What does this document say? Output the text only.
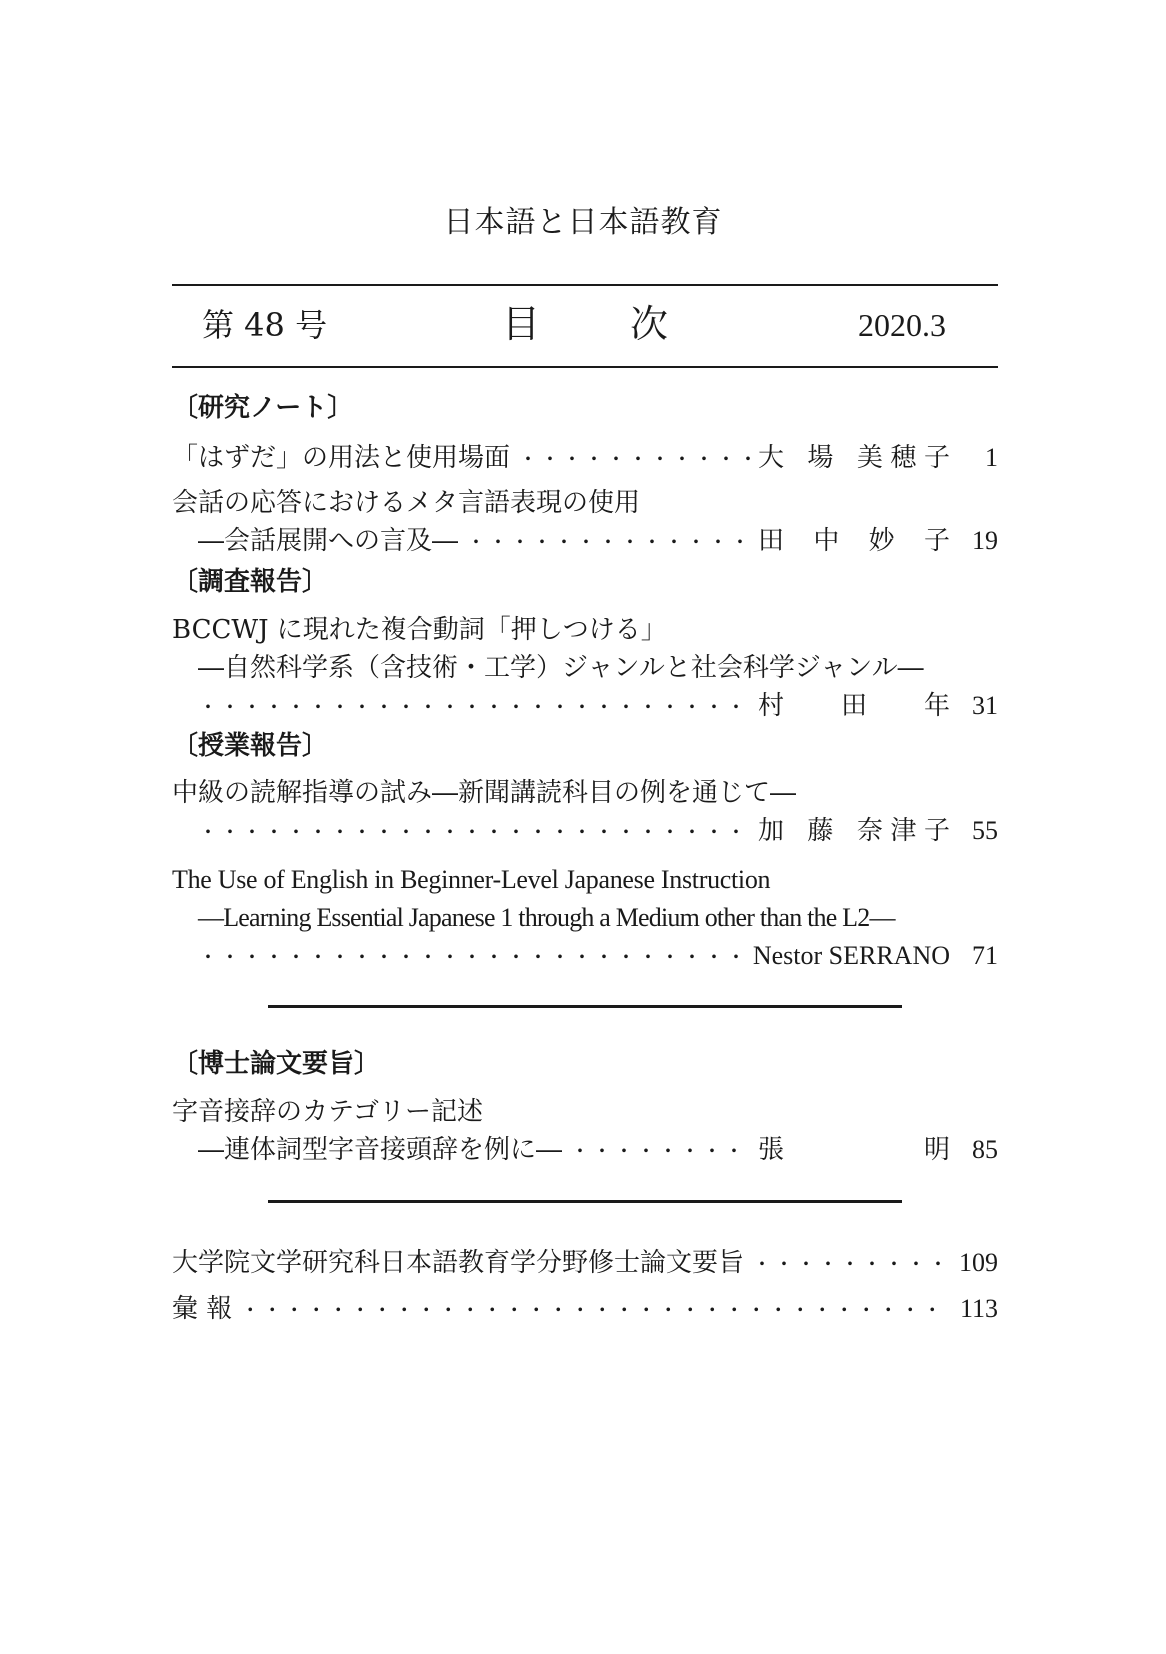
日本語と日本語教育
第 48 号	目 次	2020.3
〔研究ノート〕
「はずだ」の用法と使用場面 ・・・・・・・・・・・・・・・・・・・・・・・・・・・・・・・・・・・・・・・・・・・・・・・・・・・・・・・・・・・・・・・・・・・・・・・・・・・・	大 場 美穂子	1
会話の応答におけるメタ言語表現の使用
―会話展開への言及― ・・・・・・・・・・・・・・・・・・・・・・・・・・・・・・・・・・・・・・・・・・・・・・・・・・・・・・・・・・・・・・・・・・・・・・・・・・・・	田 中 妙 子 19
〔調査報告〕
BCCWJ に現れた複合動詞「押しつける」
―自然科学系（含技術・工学）ジャンルと社会科学ジャンル―
・・・・・・・・・・・・・・・・・・・・・・・・・・・・・・・・・・・・・・・・・・・・・・・・・・・・・・・・・・・・・・・・・・・・・・・・・・・・
村 田 年 31
〔授業報告〕
中級の読解指導の試み―新聞講読科目の例を通じて―
・・・・・・・・・・・・・・・・・・・・・・・・・・・・・・・・・・・・・・・・・・・・・・・・・・・・・・・・・・・・・・・・・・・・・・・・・・・・
加 藤 奈津子 55
The Use of English in Beginner-Level Japanese Instruction
―Learning Essential Japanese 1 through a Medium other than the L2―
・・・・・・・・・・・・・・・・・・・・・・・・・・・・・・・・・・・・・・・・・・・・・・・・・・・・・・・・・・・・・・・・・・・・・・・・・・・・
Nestor SERRANO 71
〔博士論文要旨〕
字音接辞のカテゴリー記述
―連体詞型字音接頭辞を例に― ・・・・・・・・・・・・・・・・・・・・・・・・・・・・・・・・・・・・・・・・・・・・・・・・・・・・・・・・・・・・・・・・・・・・・・・・・・・・	張 明 85
大学院文学研究科日本語教育学分野修士論文要旨 ・・・・・・・・・・・・・・・・・・・・・・・・・・・・・・・・・・・・・・・・・・・・・・・・・・・・・・・・・・・・・・・・・・・・・・・・・・・・	109
彙 報 ・・・・・・・・・・・・・・・・・・・・・・・・・・・・・・・・・・・・・・・・・・・・・・・・・・・・・・・・・・・・・・・・・・・・・・・・・・・・	113
